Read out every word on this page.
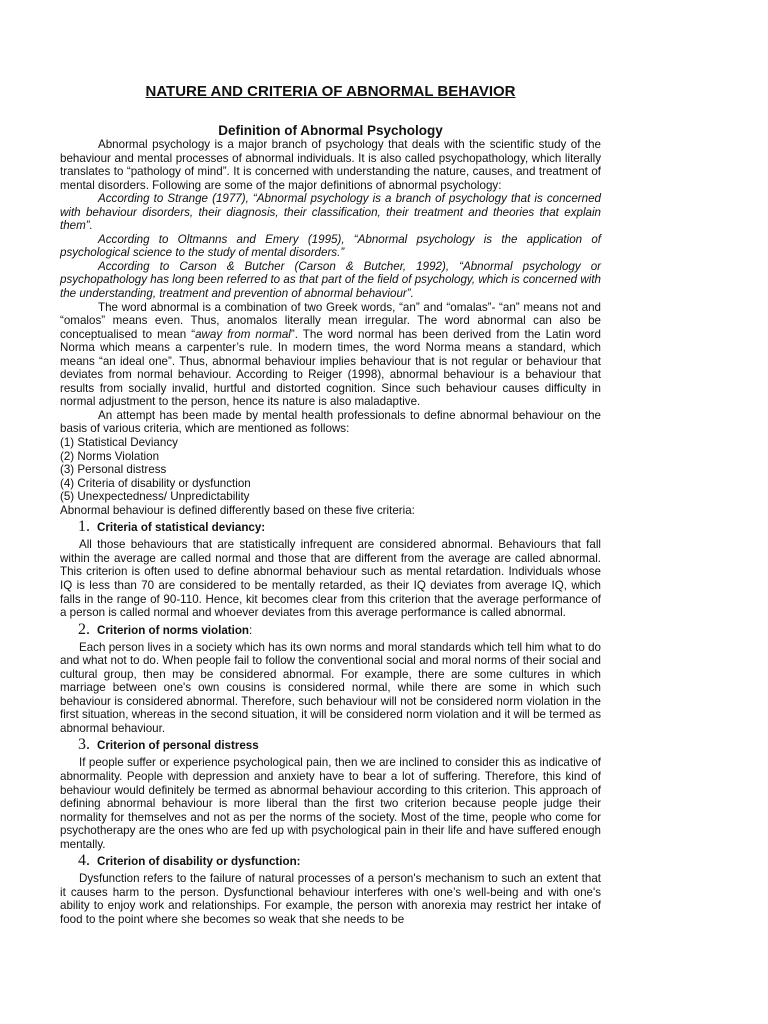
NATURE AND CRITERIA OF ABNORMAL BEHAVIOR
Definition of Abnormal Psychology

Abnormal psychology is a major branch of psychology that deals with the scientific study of the behaviour and mental processes of abnormal individuals. It is also called psychopathology, which literally translates to “pathology of mind”. It is concerned with understanding the nature, causes, and treatment of mental disorders. Following are some of the major definitions of abnormal psychology:

According to Strange (1977), “Abnormal psychology is a branch of psychology that is concerned with behaviour disorders, their diagnosis, their classification, their treatment and theories that explain them”.

According to Oltmanns and Emery (1995), “Abnormal psychology is the application of psychological science to the study of mental disorders.”

According to Carson & Butcher (Carson & Butcher, 1992), “Abnormal psychology or psychopathology has long been referred to as that part of the field of psychology, which is concerned with the understanding, treatment and prevention of abnormal behaviour”.

The word abnormal is a combination of two Greek words, “an” and “omalas”- “an” means not and “omalos” means even. Thus, anomalos literally mean irregular. The word abnormal can also be conceptualised to mean “away from normal”. The word normal has been derived from the Latin word Norma which means a carpenter’s rule. In modern times, the word Norma means a standard, which means “an ideal one”. Thus, abnormal behaviour implies behaviour that is not regular or behaviour that deviates from normal behaviour. According to Reiger (1998), abnormal behaviour is a behaviour that results from socially invalid, hurtful and distorted cognition. Since such behaviour causes difficulty in normal adjustment to the person, hence its nature is also maladaptive.

An attempt has been made by mental health professionals to define abnormal behaviour on the basis of various criteria, which are mentioned as follows:

(1) Statistical Deviancy
(2) Norms Violation
(3) Personal distress
(4) Criteria of disability or dysfunction
(5) Unexpectedness/ Unpredictability
Abnormal behaviour is defined differently based on these five criteria:
1. Criteria of statistical deviancy:

All those behaviours that are statistically infrequent are considered abnormal. Behaviours that fall within the average are called normal and those that are different from the average are called abnormal. This criterion is often used to define abnormal behaviour such as mental retardation. Individuals whose IQ is less than 70 are considered to be mentally retarded, as their IQ deviates from average IQ, which falls in the range of 90-110. Hence, kit becomes clear from this criterion that the average performance of a person is called normal and whoever deviates from this average performance is called abnormal.

2. Criterion of norms violation :

Each person lives in a society which has its own norms and moral standards which tell him what to do and what not to do. When people fail to follow the conventional social and moral norms of their social and cultural group, then may be considered abnormal. For example, there are some cultures in which marriage between one's own cousins is considered normal, while there are some in which such behaviour is considered abnormal. Therefore, such behaviour will not be considered norm violation in the first situation, whereas in the second situation, it will be considered norm violation and it will be termed as abnormal behaviour.

3. Criterion of personal distress

If people suffer or experience psychological pain, then we are inclined to consider this as indicative of abnormality. People with depression and anxiety have to bear a lot of suffering. Therefore, this kind of behaviour would definitely be termed as abnormal behaviour according to this criterion. This approach of defining abnormal behaviour is more liberal than the first two criterion because people judge their normality for themselves and not as per the norms of the society. Most of the time, people who come for psychotherapy are the ones who are fed up with psychological pain in their life and have suffered enough mentally.

4. Criterion of disability or dysfunction:

Dysfunction refers to the failure of natural processes of a person's mechanism to such an extent that it causes harm to the person. Dysfunctional behaviour interferes with one’s well-being and with one's ability to enjoy work and relationships. For example, the person with anorexia may restrict her intake of food to the point where she becomes so weak that she needs to be
